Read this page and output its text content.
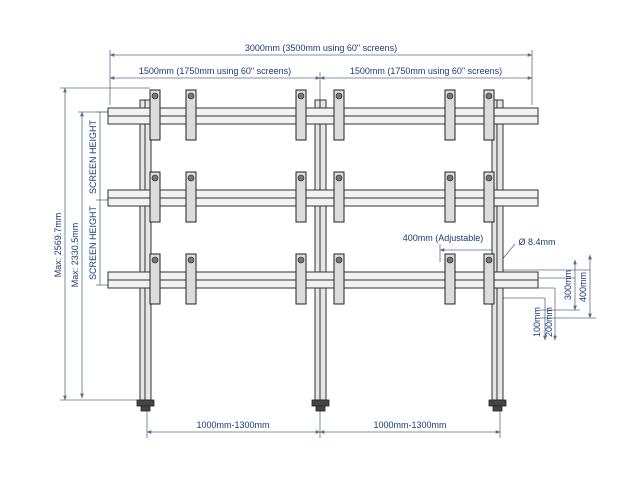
3000mm (3500mm using 60" screens)
1500mm (1750mm using 60" screens)	1500mm (1750mm using 60" screens)
Max: 2569.7mm Max: 2330.5mm
SCREEN HEIGHT
SCREEN HEIGHT	400mm (Adjustable)	Ø 8.4mm
100mm 200mm
300mm 400mm
1000mm-1300mm	1000mm-1300mm
